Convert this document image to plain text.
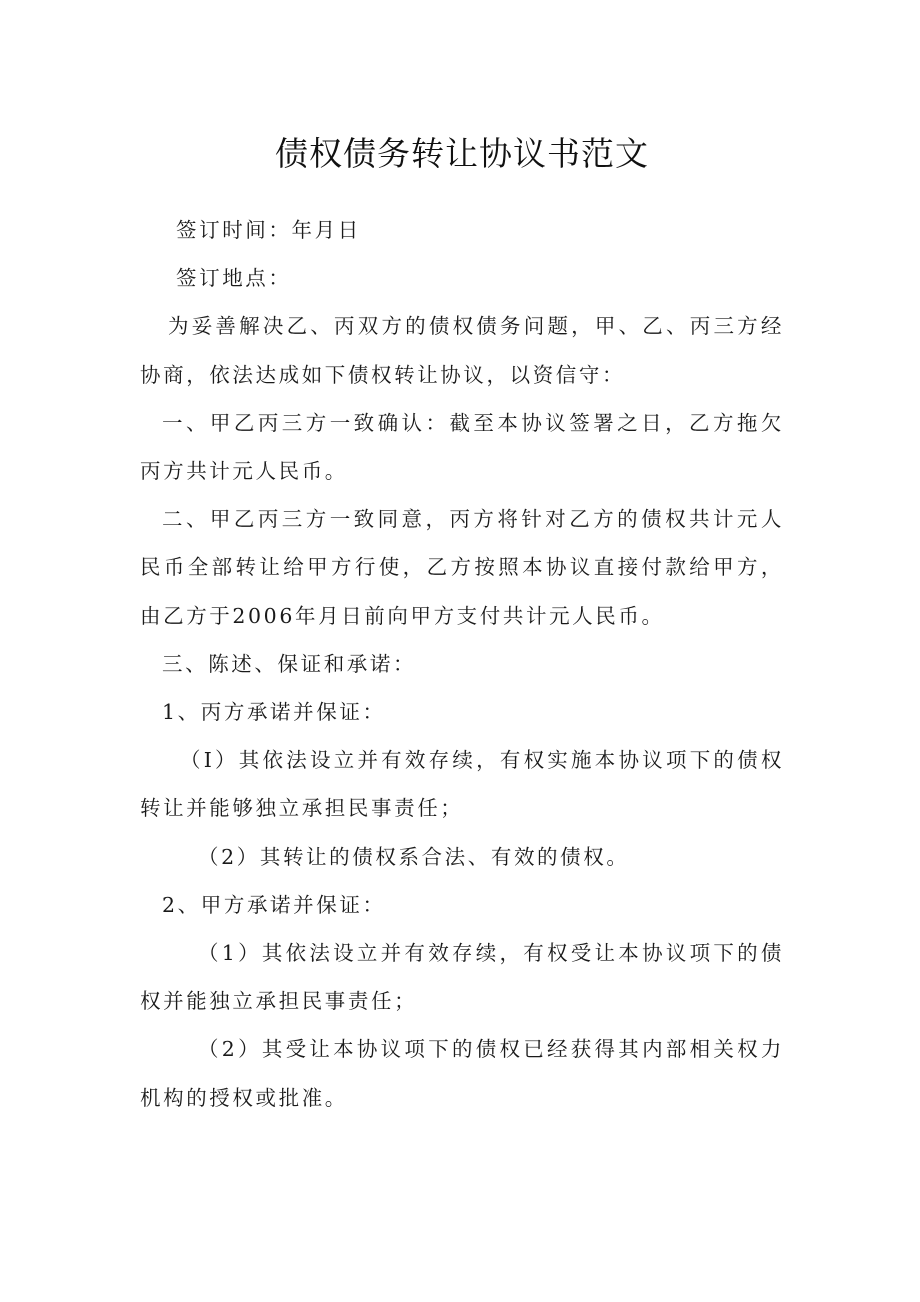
债权债务转让协议书范文

签订时间：年月日

签订地点：

为妥善解决乙、丙双方的债权债务问题，甲、乙、丙三方经协商，依法达成如下债权转让协议，以资信守：

一、甲乙丙三方一致确认：截至本协议签署之日，乙方拖欠丙方共计元人民币。

二、甲乙丙三方一致同意，丙方将针对乙方的债权共计元人民币全部转让给甲方行使，乙方按照本协议直接付款给甲方，由乙方于2006年月日前向甲方支付共计元人民币。

三、陈述、保证和承诺：

1、丙方承诺并保证：

（I）其依法设立并有效存续，有权实施本协议项下的债权转让并能够独立承担民事责任；

（2）其转让的债权系合法、有效的债权。

2、甲方承诺并保证：

（1）其依法设立并有效存续，有权受让本协议项下的债权并能独立承担民事责任；

（2）其受让本协议项下的债权已经获得其内部相关权力机构的授权或批准。
